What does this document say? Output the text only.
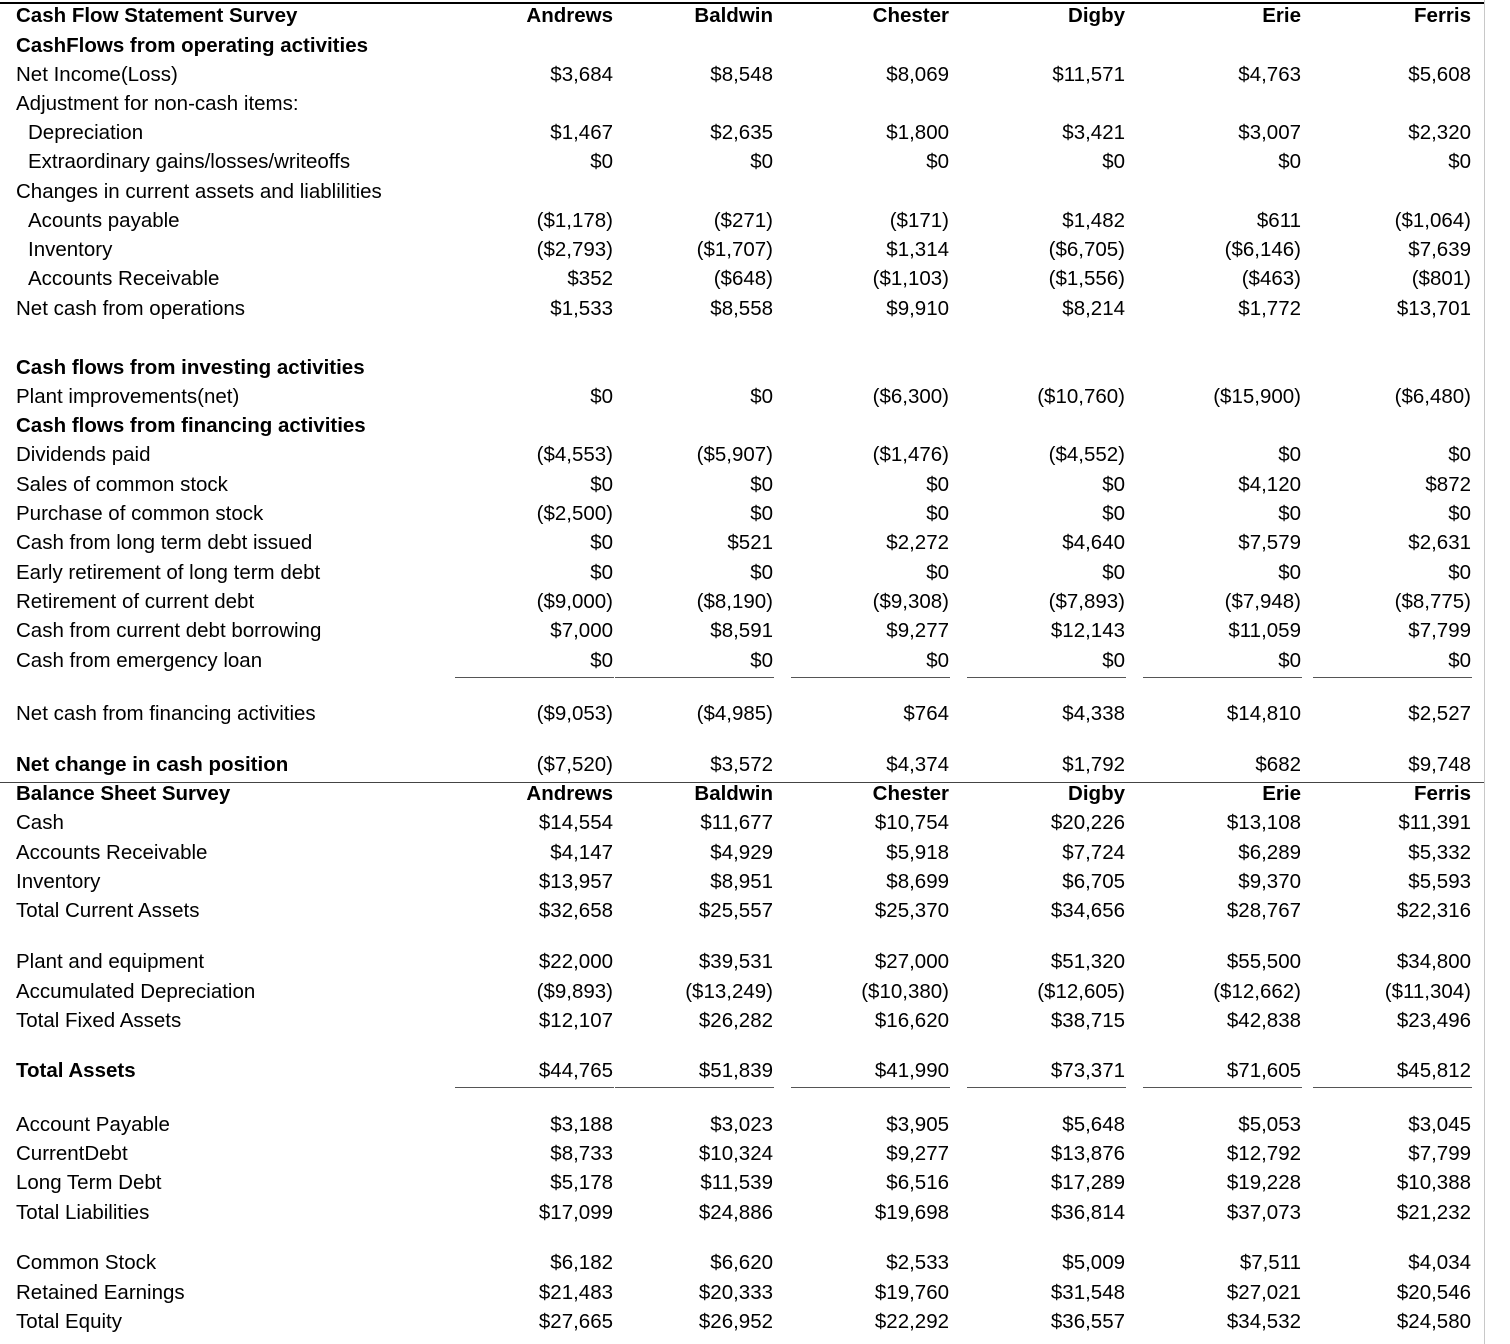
Cash Flow Statement Survey	Andrews	Baldwin	Chester	Digby	Erie	Ferris
CashFlows from operating activities
Net Income(Loss)	$3,684	$8,548	$8,069	$11,571	$4,763	$5,608
Adjustment for non-cash items:
Depreciation	$1,467	$2,635	$1,800	$3,421	$3,007	$2,320
Extraordinary gains/losses/writeoffs	$0	$0	$0	$0	$0	$0
Changes in current assets and liablilities
Acounts payable	($1,178)	($271)	($171)	$1,482	$611	($1,064)
Inventory	($2,793)	($1,707)	$1,314	($6,705)	($6,146)	$7,639
Accounts Receivable	$352	($648)	($1,103)	($1,556)	($463)	($801)
Net cash from operations	$1,533	$8,558	$9,910	$8,214	$1,772	$13,701
Cash flows from investing activities
Plant improvements(net)	$0	$0	($6,300)	($10,760)	($15,900)	($6,480)
Cash flows from financing activities
Dividends paid	($4,553)	($5,907)	($1,476)	($4,552)	$0	$0
Sales of common stock	$0	$0	$0	$0	$4,120	$872
Purchase of common stock	($2,500)	$0	$0	$0	$0	$0
Cash from long term debt issued	$0	$521	$2,272	$4,640	$7,579	$2,631
Early retirement of long term debt	$0	$0	$0	$0	$0	$0
Retirement of current debt	($9,000)	($8,190)	($9,308)	($7,893)	($7,948)	($8,775)
Cash from current debt borrowing	$7,000	$8,591	$9,277	$12,143	$11,059	$7,799
Cash from emergency loan	$0	$0	$0	$0	$0	$0
Net cash from financing activities	($9,053)	($4,985)	$764	$4,338	$14,810	$2,527
Net change in cash position	($7,520)	$3,572	$4,374	$1,792	$682	$9,748
Balance Sheet Survey	Andrews	Baldwin	Chester	Digby	Erie	Ferris
Cash	$14,554	$11,677	$10,754	$20,226	$13,108	$11,391
Accounts Receivable	$4,147	$4,929	$5,918	$7,724	$6,289	$5,332
Inventory	$13,957	$8,951	$8,699	$6,705	$9,370	$5,593
Total Current Assets	$32,658	$25,557	$25,370	$34,656	$28,767	$22,316
Plant and equipment	$22,000	$39,531	$27,000	$51,320	$55,500	$34,800
Accumulated Depreciation	($9,893)	($13,249)	($10,380)	($12,605)	($12,662)	($11,304)
Total Fixed Assets	$12,107	$26,282	$16,620	$38,715	$42,838	$23,496
Total Assets	$44,765	$51,839	$41,990	$73,371	$71,605	$45,812
Account Payable	$3,188	$3,023	$3,905	$5,648	$5,053	$3,045
CurrentDebt	$8,733	$10,324	$9,277	$13,876	$12,792	$7,799
Long Term Debt	$5,178	$11,539	$6,516	$17,289	$19,228	$10,388
Total Liabilities	$17,099	$24,886	$19,698	$36,814	$37,073	$21,232
Common Stock	$6,182	$6,620	$2,533	$5,009	$7,511	$4,034
Retained Earnings	$21,483	$20,333	$19,760	$31,548	$27,021	$20,546
Total Equity	$27,665	$26,952	$22,292	$36,557	$34,532	$24,580
